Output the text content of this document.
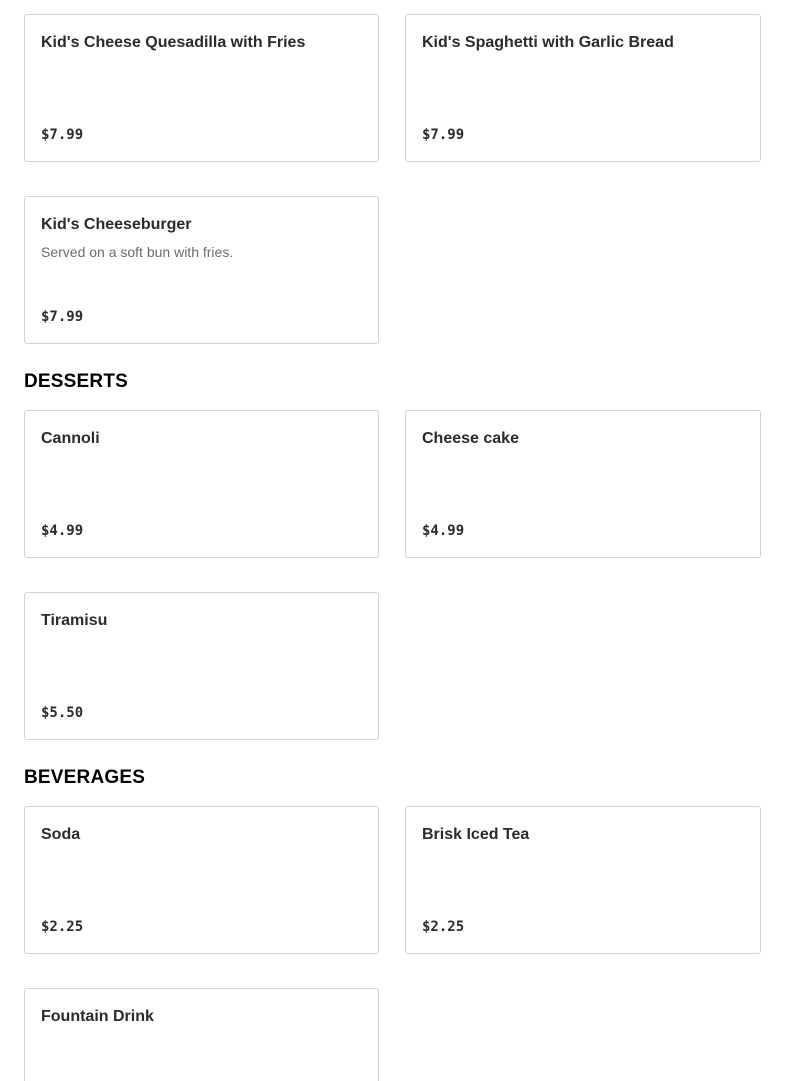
Kid's Cheese Quesadilla with Fries
$7.99
Kid's Spaghetti with Garlic Bread
$7.99
Kid's Cheeseburger
Served on a soft bun with fries.
$7.99
DESSERTS
Cannoli
$4.99
Cheese cake
$4.99
Tiramisu
$5.50
BEVERAGES
Soda
$2.25
Brisk Iced Tea
$2.25
Fountain Drink
